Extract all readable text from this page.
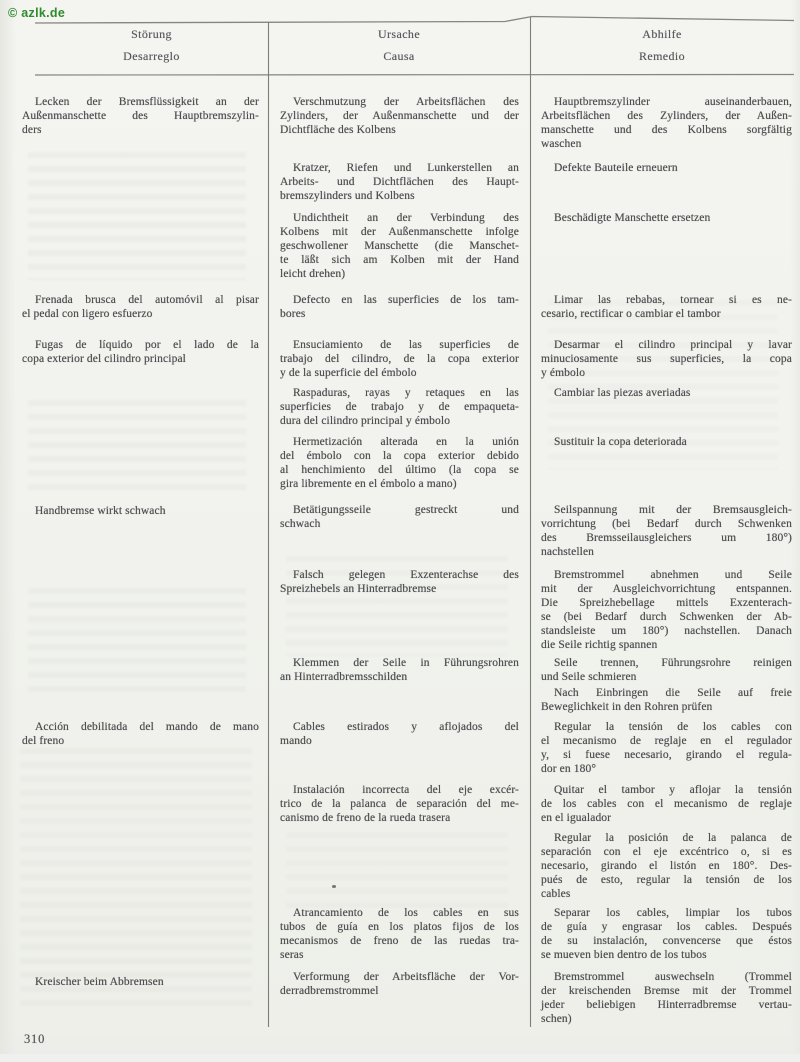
© azlk.de
Störung
Desarreglo
Ursache
Causa
Abhilfe
Remedio
Lecken der Bremsflüssigkeit an der
Außenmanschette des Hauptbremszylin-
ders
Frenada brusca del automóvil al pisar
el pedal con ligero esfuerzo
Fugas de líquido por el lado de la
copa exterior del cilindro principal
Handbremse wirkt schwach
Acción debilitada del mando de mano
del freno
Kreischer beim Abbremsen
Verschmutzung der Arbeitsflächen des
Zylinders, der Außenmanschette und der
Dichtfläche des Kolbens
Kratzer, Riefen und Lunkerstellen an
Arbeits- und Dichtflächen des Haupt-
bremszylinders und Kolbens
Undichtheit an der Verbindung des
Kolbens mit der Außenmanschette infolge
geschwollener Manschette (die Manschet-
te läßt sich am Kolben mit der Hand
leicht drehen)
Defecto en las superficies de los tam-
bores
Ensuciamiento de las superficies de
trabajo del cilindro, de la copa exterior
y de la superficie del émbolo
Raspaduras, rayas y retaques en las
superficies de trabajo y de empaqueta-
dura del cilindro principal y émbolo
Hermetización alterada en la unión
del émbolo con la copa exterior debido
al henchimiento del último (la copa se
gira libremente en el émbolo a mano)
Betätigungsseile gestreckt und
schwach
Falsch gelegen Exzenterachse des
Spreizhebels an Hinterradbremse
Klemmen der Seile in Führungsrohren
an Hinterradbremsschilden
Cables estirados y aflojados del
mando
Instalación incorrecta del eje excér-
trico de la palanca de separación del me-
canismo de freno de la rueda trasera
Atrancamiento de los cables en sus
tubos de guía en los platos fijos de los
mecanismos de freno de las ruedas tra-
seras
Verformung der Arbeitsfläche der Vor-
derradbremstrommel
Hauptbremszylinder auseinanderbauen,
Arbeitsflächen des Zylinders, der Außen-
manschette und des Kolbens sorgfältig
waschen
Defekte Bauteile erneuern
Beschädigte Manschette ersetzen
Limar las rebabas, tornear si es ne-
cesario, rectificar o cambiar el tambor
Desarmar el cilindro principal y lavar
minuciosamente sus superficies, la copa
y émbolo
Cambiar las piezas averiadas
Sustituir la copa deteriorada
Seilspannung mit der Bremsausgleich-
vorrichtung (bei Bedarf durch Schwenken
des Bremsseilausgleichers um 180°)
nachstellen
Bremstrommel abnehmen und Seile
mit der Ausgleichvorrichtung entspannen.
Die Spreizhebellage mittels Exzenterach-
se (bei Bedarf durch Schwenken der Ab-
standsleiste um 180°) nachstellen. Danach
die Seile richtig spannen
Seile trennen, Führungsrohre reinigen
und Seile schmieren
Nach Einbringen die Seile auf freie
Beweglichkeit in den Rohren prüfen
Regular la tensión de los cables con
el mecanismo de reglaje en el regulador
y, si fuese necesario, girando el regula-
dor en 180°
Quitar el tambor y aflojar la tensión
de los cables con el mecanismo de reglaje
en el igualador
Regular la posición de la palanca de
separación con el eje excéntrico o, si es
necesario, girando el listón en 180°. Des-
pués de esto, regular la tensión de los
cables
Separar los cables, limpiar los tubos
de guía y engrasar los cables. Después
de su instalación, convencerse que éstos
se mueven bien dentro de los tubos
Bremstrommel auswechseln (Trommel
der kreischenden Bremse mit der Trommel
jeder beliebigen Hinterradbremse vertau-
schen)
310
